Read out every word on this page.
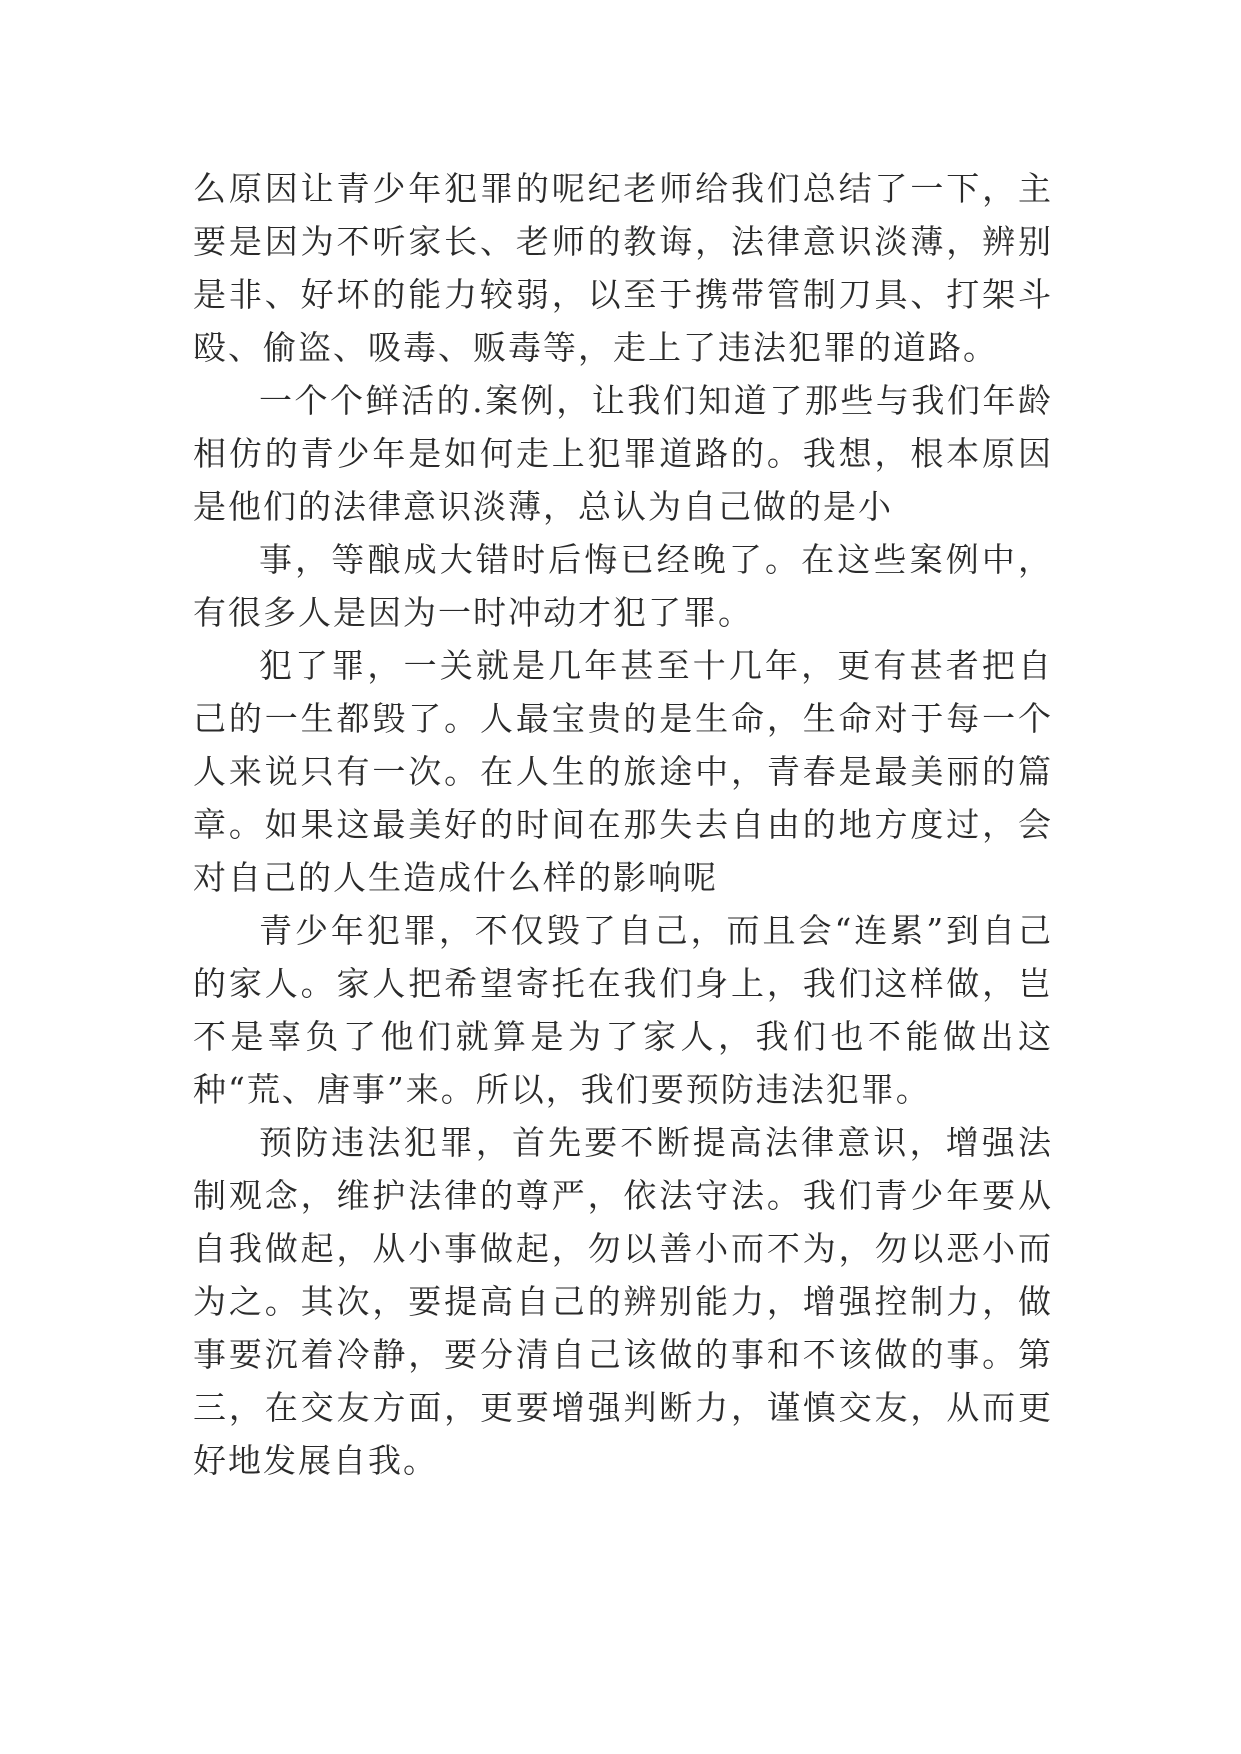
么原因让青少年犯罪的呢纪老师给我们总结了一下，主要是因为不听家长、老师的教诲，法律意识淡薄，辨别是非、好坏的能力较弱，以至于携带管制刀具、打架斗殴、偷盗、吸毒、贩毒等，走上了违法犯罪的道路。

一个个鲜活的.案例，让我们知道了那些与我们年龄相仿的青少年是如何走上犯罪道路的。我想，根本原因是他们的法律意识淡薄，总认为自己做的是小

事，等酿成大错时后悔已经晚了。在这些案例中，有很多人是因为一时冲动才犯了罪。

犯了罪，一关就是几年甚至十几年，更有甚者把自己的一生都毁了。人最宝贵的是生命，生命对于每一个人来说只有一次。在人生的旅途中，青春是最美丽的篇章。如果这最美好的时间在那失去自由的地方度过，会对自己的人生造成什么样的影响呢

青少年犯罪，不仅毁了自己，而且会“连累”到自己的家人。家人把希望寄托在我们身上，我们这样做，岂不是辜负了他们就算是为了家人，我们也不能做出这种“荒、唐事”来。所以，我们要预防违法犯罪。

预防违法犯罪，首先要不断提高法律意识，增强法制观念，维护法律的尊严，依法守法。我们青少年要从自我做起，从小事做起，勿以善小而不为，勿以恶小而为之。其次，要提高自己的辨别能力，增强控制力，做事要沉着冷静，要分清自己该做的事和不该做的事。第三，在交友方面，更要增强判断力，谨慎交友，从而更好地发展自我。
